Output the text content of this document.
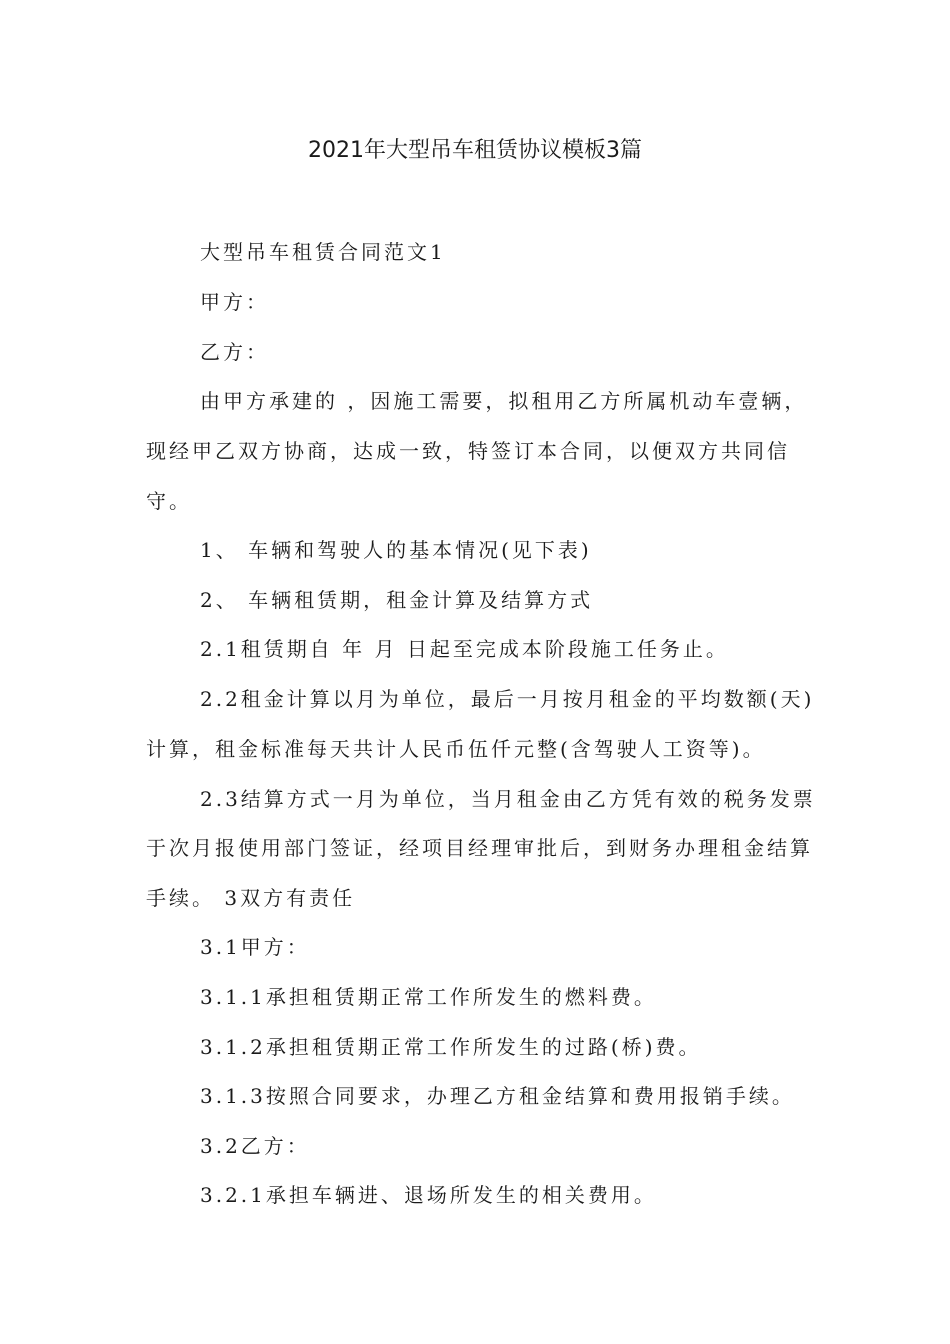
2021年大型吊车租赁协议模板3篇
大型吊车租赁合同范文1
甲方：
乙方：
由甲方承建的 ，因施工需要，拟租用乙方所属机动车壹辆，
现经甲乙双方协商，达成一致，特签订本合同，以便双方共同信
守。
1、 车辆和驾驶人的基本情况(见下表)
2、 车辆租赁期，租金计算及结算方式
2.1租赁期自 年 月 日起至完成本阶段施工任务止。
2.2租金计算以月为单位，最后一月按月租金的平均数额(天)
计算，租金标准每天共计人民币伍仟元整(含驾驶人工资等)。
2.3结算方式一月为单位，当月租金由乙方凭有效的税务发票
于次月报使用部门签证，经项目经理审批后，到财务办理租金结算
手续。 3双方有责任
3.1甲方：
3.1.1承担租赁期正常工作所发生的燃料费。
3.1.2承担租赁期正常工作所发生的过路(桥)费。
3.1.3按照合同要求，办理乙方租金结算和费用报销手续。
3.2乙方：
3.2.1承担车辆进、退场所发生的相关费用。
